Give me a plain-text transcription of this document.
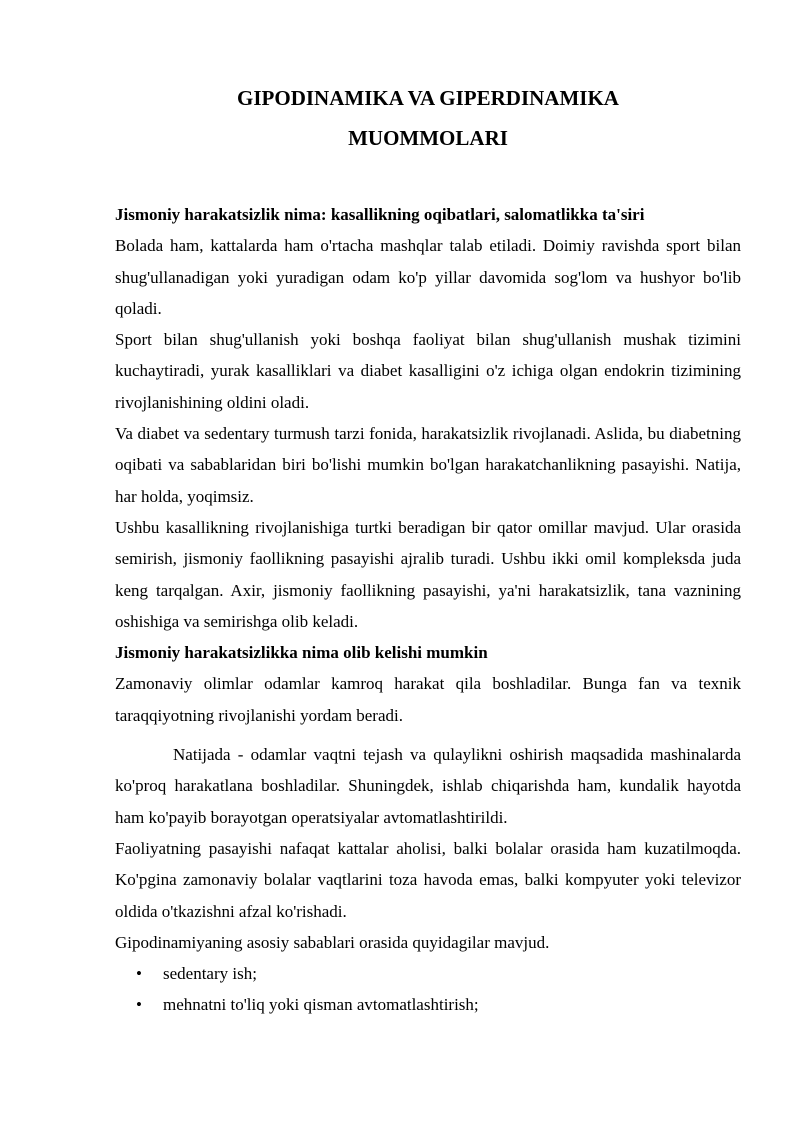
GIPODINAMIKA VA GIPERDINAMIKA
MUOMMOLARI

Jismoniy harakatsizlik nima: kasallikning oqibatlari, salomatlikka ta'siri

Bolada ham, kattalarda ham o'rtacha mashqlar talab etiladi. Doimiy ravishda sport bilan shug'ullanadigan yoki yuradigan odam ko'p yillar davomida sog'lom va hushyor bo'lib qoladi.

Sport bilan shug'ullanish yoki boshqa faoliyat bilan shug'ullanish mushak tizimini kuchaytiradi, yurak kasalliklari va diabet kasalligini o'z ichiga olgan endokrin tizimining rivojlanishining oldini oladi.

Va diabet va sedentary turmush tarzi fonida, harakatsizlik rivojlanadi. Aslida, bu diabetning oqibati va sabablaridan biri bo'lishi mumkin bo'lgan harakatchanlikning pasayishi. Natija, har holda, yoqimsiz.

Ushbu kasallikning rivojlanishiga turtki beradigan bir qator omillar mavjud. Ular orasida semirish, jismoniy faollikning pasayishi ajralib turadi. Ushbu ikki omil kompleksda juda keng tarqalgan. Axir, jismoniy faollikning pasayishi, ya'ni harakatsizlik, tana vaznining oshishiga va semirishga olib keladi.

Jismoniy harakatsizlikka nima olib kelishi mumkin

Zamonaviy olimlar odamlar kamroq harakat qila boshladilar. Bunga fan va texnik taraqqiyotning rivojlanishi yordam beradi.

Natijada - odamlar vaqtni tejash va qulaylikni oshirish maqsadida mashinalarda ko'proq harakatlana boshladilar. Shuningdek, ishlab chiqarishda ham, kundalik hayotda ham ko'payib borayotgan operatsiyalar avtomatlashtirildi.

Faoliyatning pasayishi nafaqat kattalar aholisi, balki bolalar orasida ham kuzatilmoqda. Ko'pgina zamonaviy bolalar vaqtlarini toza havoda emas, balki kompyuter yoki televizor oldida o'tkazishni afzal ko'rishadi.

Gipodinamiyaning asosiy sabablari orasida quyidagilar mavjud.

• sedentary ish;
• mehnatni to'liq yoki qisman avtomatlashtirish;
